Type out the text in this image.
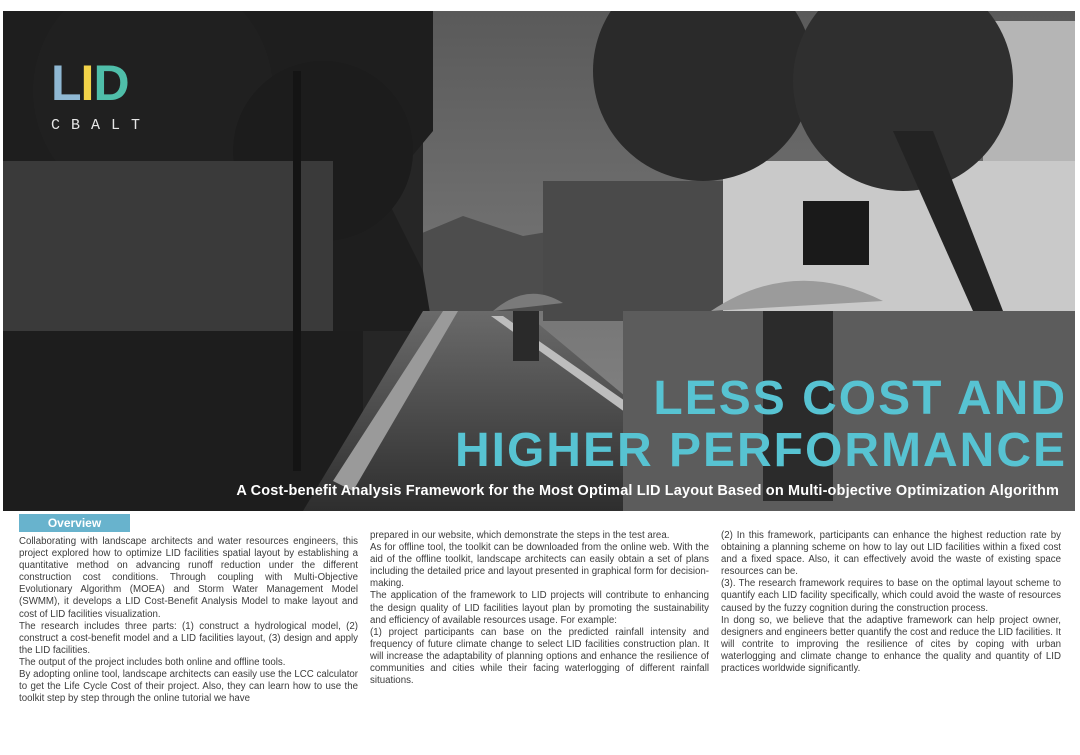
LID
CBALT
LESS COST AND
HIGHER PERFORMANCE
A Cost-benefit Analysis Framework for the Most Optimal LID Layout Based on Multi-objective Optimization Algorithm
Overview

Collaborating with landscape architects and water resources engineers, this project explored how to optimize LID facilities spatial layout by establishing a quantitative method on advancing runoff reduction under the different construction cost conditions. Through coupling with Multi-Objective Evolutionary Algorithm (MOEA) and Storm Water Management Model (SWMM), it develops a LID Cost-Benefit Analysis Model to make layout and cost of LID facilities visualization.

The research includes three parts: (1) construct a hydrological model, (2) construct a cost-benefit model and a LID facilities layout, (3) design and apply the LID facilities.

The output of the project includes both online and offline tools.

By adopting online tool, landscape architects can easily use the LCC calculator to get the Life Cycle Cost of their project. Also, they can learn how to use the toolkit step by step through the online tutorial we have

prepared in our website, which demonstrate the steps in the test area.

As for offline tool, the toolkit can be downloaded from the online web. With the aid of the offline toolkit, landscape architects can easily obtain a set of plans including the detailed price and layout presented in graphical form for decision-making.

The application of the framework to LID projects will contribute to enhancing the design quality of LID facilities layout plan by promoting the sustainability and efficiency of available resources usage. For example:

(1) project participants can base on the predicted rainfall intensity and frequency of future climate change to select LID facilities construction plan. It will increase the adaptability of planning options and enhance the resilience of communities and cities while their facing waterlogging of different rainfall situations.

(2) In this framework, participants can enhance the highest reduction rate by obtaining a planning scheme on how to lay out LID facilities within a fixed cost and a fixed space. Also, it can effectively avoid the waste of existing space resources can be.

(3). The research framework requires to base on the optimal layout scheme to quantify each LID facility specifically, which could avoid the waste of resources caused by the fuzzy cognition during the construction process.

In dong so, we believe that the adaptive framework can help project owner, designers and engineers better quantify the cost and reduce the LID facilities. It will contrite to improving the resilience of cites by coping with urban waterlogging and climate change to enhance the quality and quantity of LID practices worldwide significantly.
